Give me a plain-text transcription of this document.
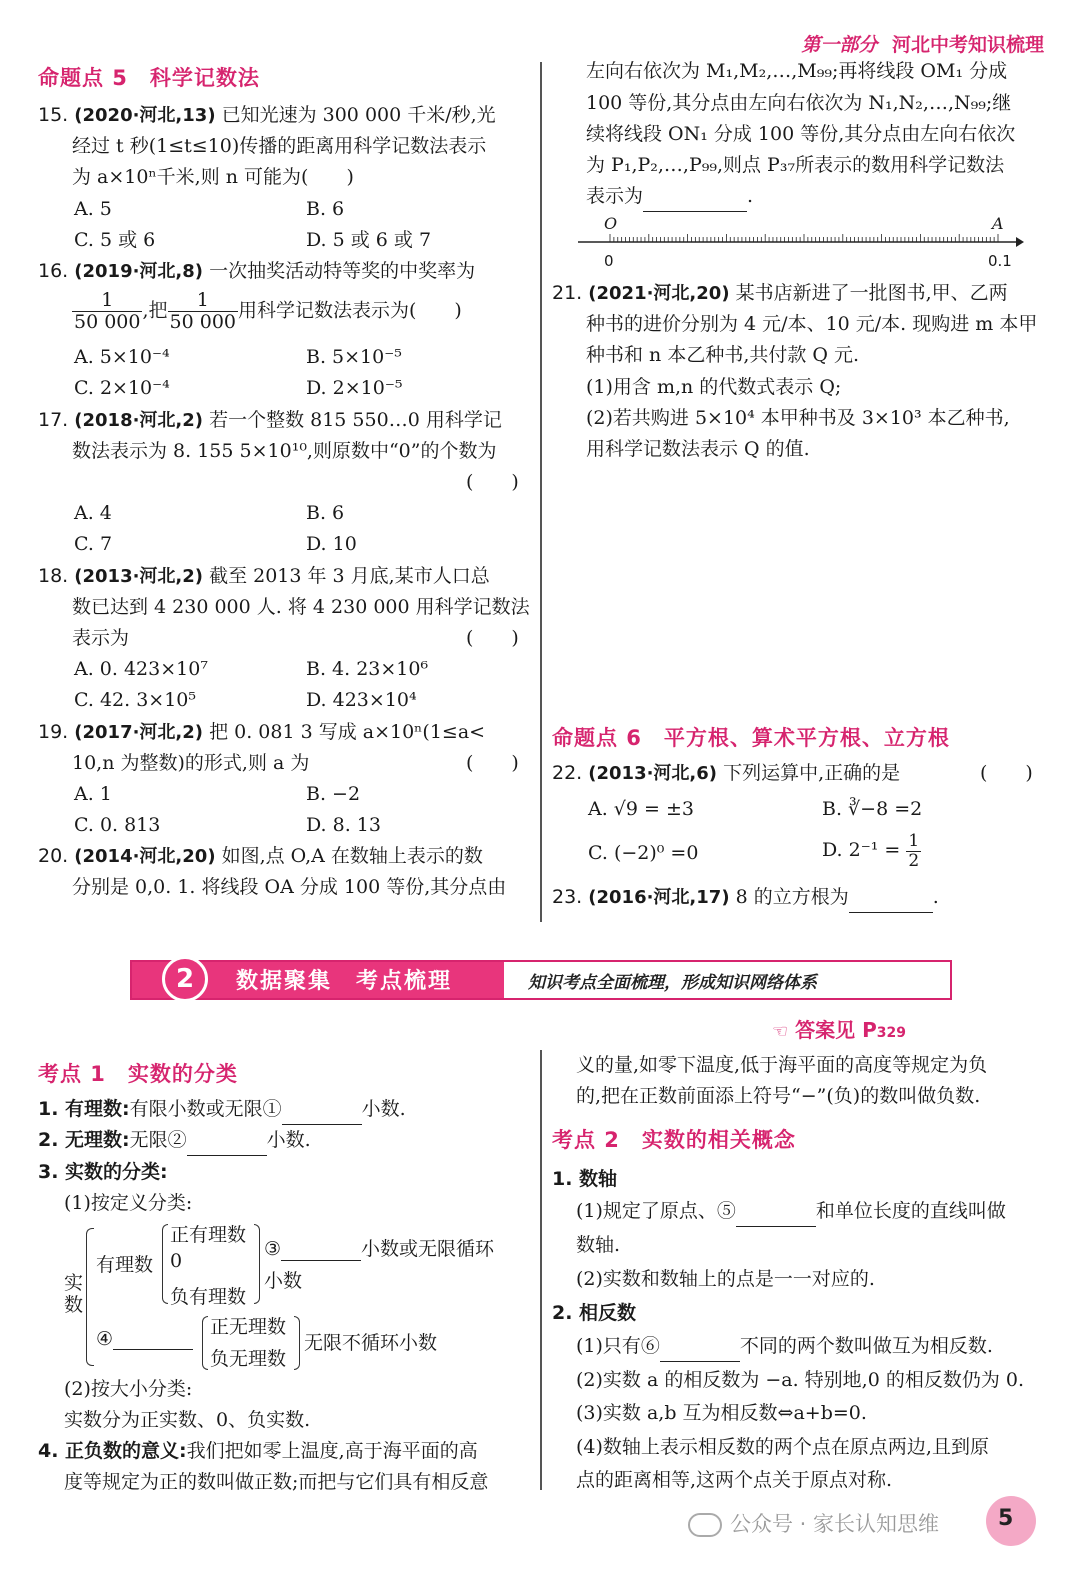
第一部分 河北中考知识梳理
命题点 5　科学记数法
15. (2020·河北,13) 已知光速为 300 000 千米/秒,光
经过 t 秒(1≤t≤10)传播的距离用科学记数法表示
为 a×10ⁿ千米,则 n 可能为(　　)
A. 5	B. 6
C. 5 或 6	D. 5 或 6 或 7
16. (2019·河北,8) 一次抽奖活动特等奖的中奖率为
$\frac{1}{50 000}$ ,把 $\frac{1}{50 000}$ 用科学记数法表示为(　　)
A. 5×10⁻⁴	B. 5×10⁻⁵
C. 2×10⁻⁴	D. 2×10⁻⁵
17. (2018·河北,2) 若一个整数 815 550…0 用科学记
数法表示为 8. 155 5×10¹⁰,则原数中“0”的个数为
(　　)
A. 4	B. 6
C. 7	D. 10
18. (2013·河北,2) 截至 2013 年 3 月底,某市人口总
数已达到 4 230 000 人. 将 4 230 000 用科学记数法
表示为	(　　)
A. 0. 423×10⁷	B. 4. 23×10⁶
C. 42. 3×10⁵	D. 423×10⁴
19. (2017·河北,2) 把 0. 081 3 写成 a×10ⁿ(1≤a<
10,n 为整数)的形式,则 a 为	(　　)
A. 1	B. −2
C. 0. 813	D. 8. 13
20. (2014·河北,20) 如图,点 O,A 在数轴上表示的数
分别是 0,0. 1. 将线段 OA 分成 100 等份,其分点由
左向右依次为 M₁,M₂,…,M₉₉;再将线段 OM₁ 分成
100 等份,其分点由左向右依次为 N₁,N₂,…,N₉₉;继
续将线段 ON₁ 分成 100 等份,其分点由左向右依次
为 P₁,P₂,…,P₉₉,则点 P₃₇所表示的数用科学记数法
表示为	.
O	A
0	0.1
21. (2021·河北,20) 某书店新进了一批图书,甲、乙两
种书的进价分别为 4 元/本、10 元/本. 现购进 m 本甲
种书和 n 本乙种书,共付款 Q 元.
(1)用含 m,n 的代数式表示 Q;
(2)若共购进 5×10⁴ 本甲种书及 3×10³ 本乙种书,
用科学记数法表示 Q 的值.
命题点 6　平方根、算术平方根、立方根
22. (2013·河北,6) 下列运算中,正确的是	(　　)
A. √9 = ±3	B. ∛−8 =2
C. (−2)⁰ =0	D. $2^{-1} = \frac{1}{2}$
23. (2016·河北,17) 8 的立方根为	.
2	数据聚集　考点梳理	知识考点全面梳理，形成知识网络体系
☜ 答案见 P329
考点 1　实数的分类
1. 有理数:有限小数或无限①	小数.
2. 无理数:无限②	小数.
3. 实数的分类:
(1)按定义分类:
实数
有理数
正有理数
0
负有理数
③	小数或无限循环
小数
④
正无理数
负无理数
无限不循环小数
(2)按大小分类:
实数分为正实数、0、负实数.
4. 正负数的意义:我们把如零上温度,高于海平面的高
度等规定为正的数叫做正数;而把与它们具有相反意
义的量,如零下温度,低于海平面的高度等规定为负
的,把在正数前面添上符号“−”(负)的数叫做负数.
考点 2　实数的相关概念
1. 数轴
(1)规定了原点、⑤	和单位长度的直线叫做
数轴.
(2)实数和数轴上的点是一一对应的.
2. 相反数
(1)只有⑥	不同的两个数叫做互为相反数.
(2)实数 a 的相反数为 −a. 特别地,0 的相反数仍为 0.
(3)实数 a,b 互为相反数⇔a+b=0.
(4)数轴上表示相反数的两个点在原点两边,且到原
点的距离相等,这两个点关于原点对称.
公众号 · 家长认知思维	5
